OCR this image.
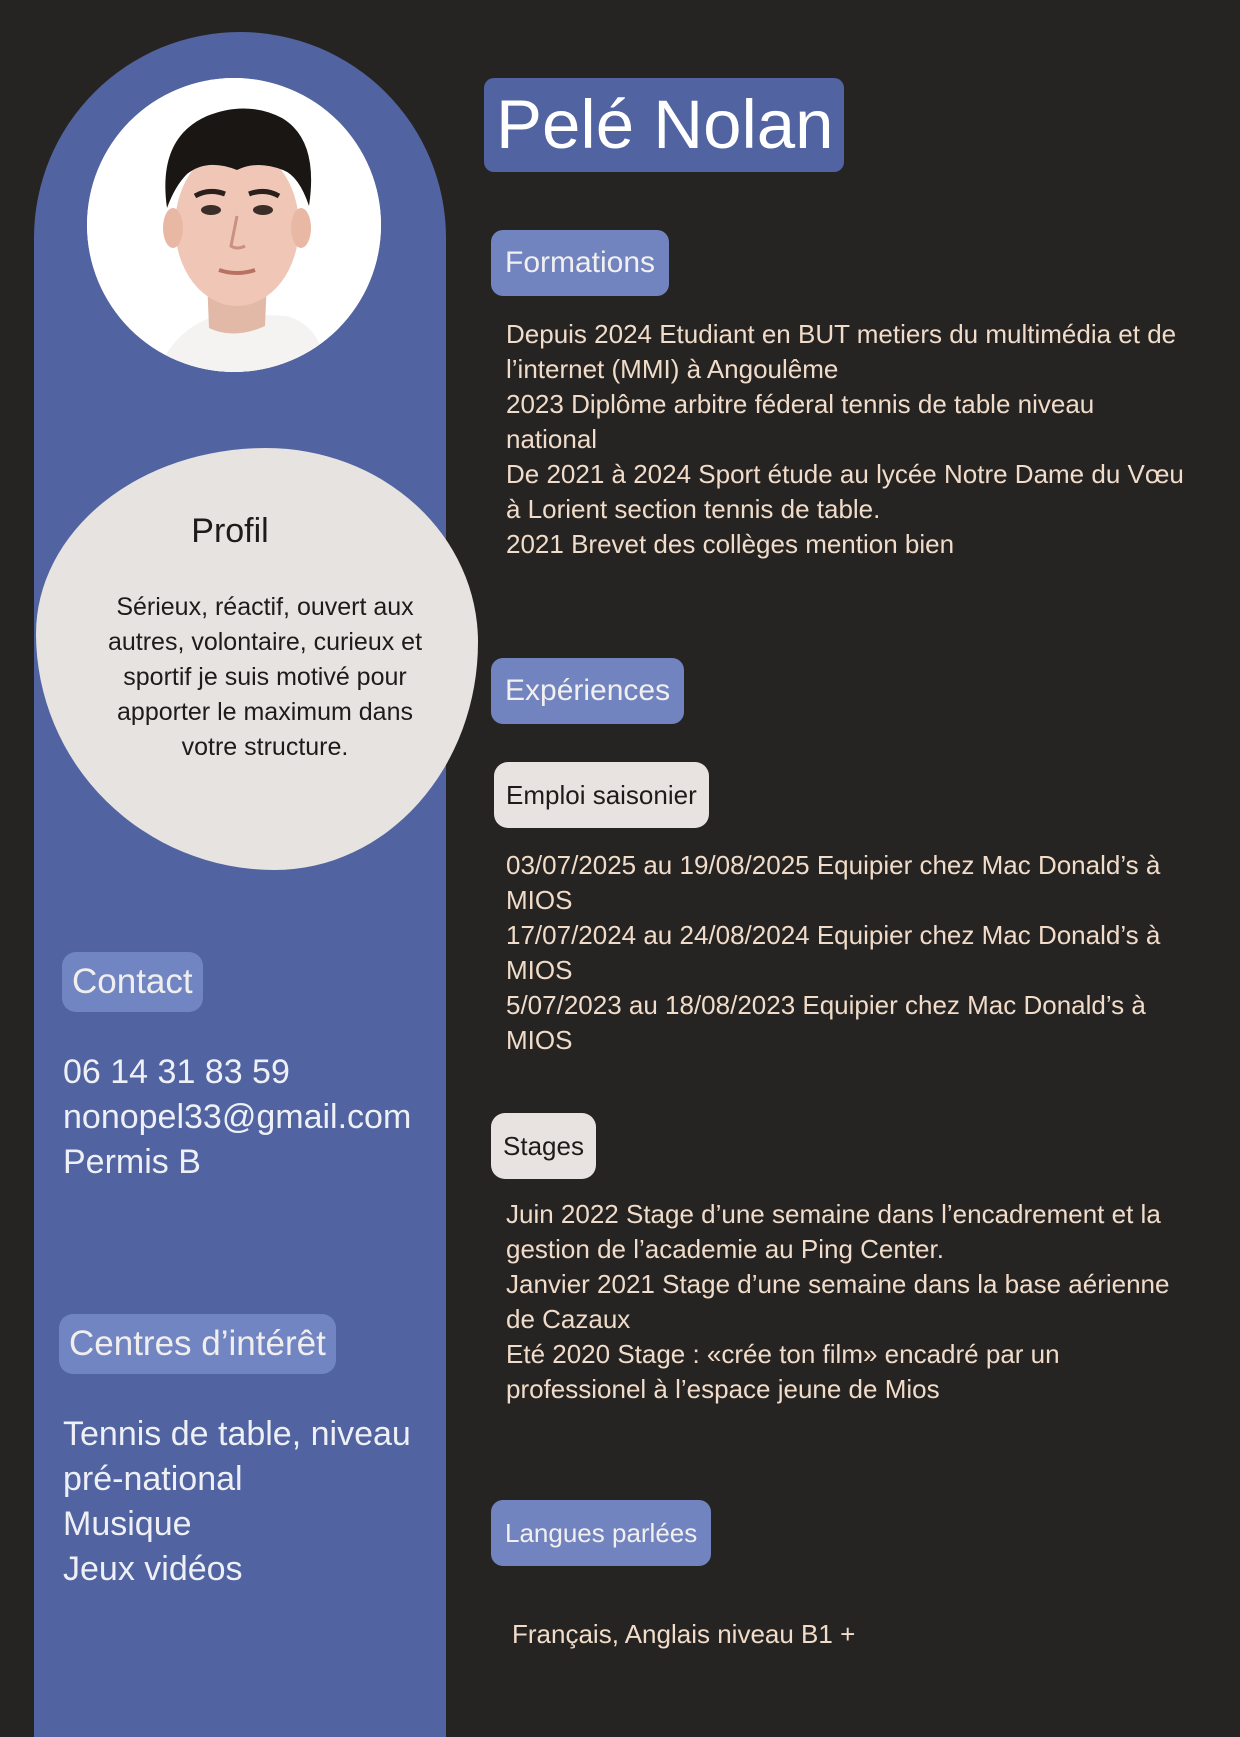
Profil
Sérieux, réactif, ouvert aux
autres, volontaire, curieux et
sportif je suis motivé pour
apporter le maximum dans
votre structure.
Contact
06 14 31 83 59
nonopel33@gmail.com
Permis B
Centres d’intérêt
Tennis de table, niveau
pré-national
Musique
Jeux vidéos
Pelé Nolan
Formations
Depuis 2024 Etudiant en BUT metiers du multimédia et de
l’internet (MMI) à Angoulême
2023 Diplôme arbitre féderal tennis de table niveau
national
De 2021 à 2024 Sport étude au lycée Notre Dame du Vœu
à Lorient section tennis de table.
2021 Brevet des collèges mention bien
Expériences
Emploi saisonier
03/07/2025 au 19/08/2025 Equipier chez Mac Donald’s à
MIOS
17/07/2024 au 24/08/2024 Equipier chez Mac Donald’s à
MIOS
5/07/2023 au 18/08/2023 Equipier chez Mac Donald’s à
MIOS
Stages
Juin 2022 Stage d’une semaine dans l’encadrement et la
gestion de l’academie au Ping Center.
Janvier 2021 Stage d’une semaine dans la base aérienne
de Cazaux
Eté 2020 Stage : «crée ton film» encadré par un
professionel à l’espace jeune de Mios
Langues parlées
Français, Anglais niveau B1 +
